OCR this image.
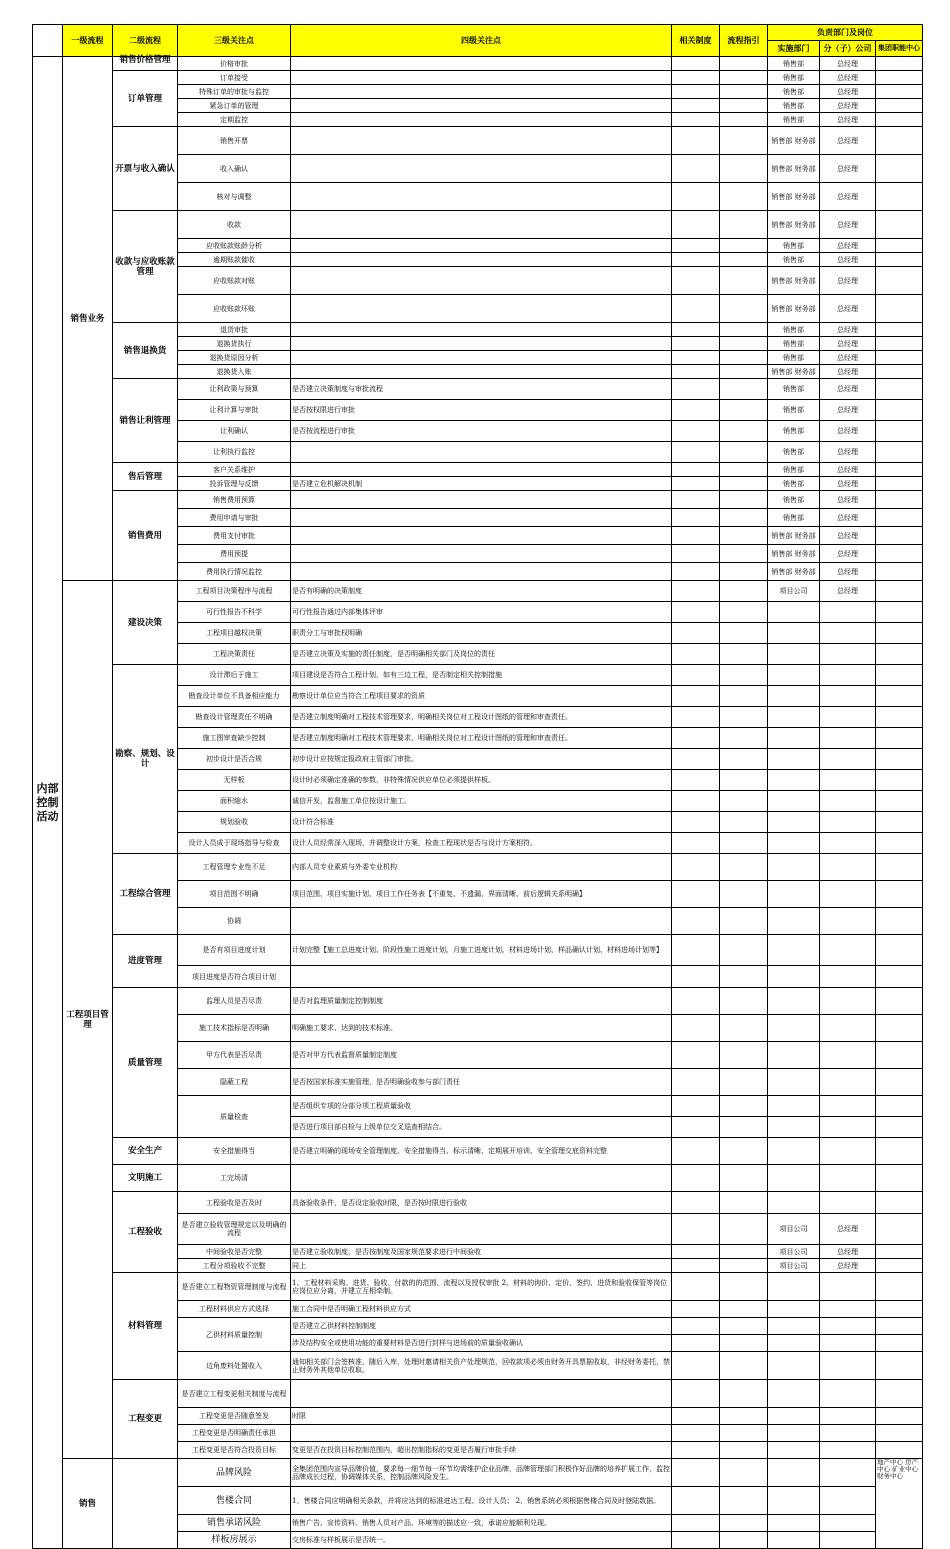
	一级流程	二级流程	三级关注点	四级关注点	相关制度	流程指引	负责部门及岗位		
							实施部门	分（子）公司	集团职能中心
内部控制活动	销售业务	销售价格管理	价格审批				销售部	总经理	
		订单管理	订单接受				销售部	总经理	
			特殊订单的审批与监控				销售部	总经理	
			紧急订单的管理				销售部	总经理	
			定期监控				销售部	总经理	
		开票与收入确认	销售开票				销售部 财务部	总经理	
			收入确认				销售部 财务部	总经理	
			核对与调整				销售部 财务部	总经理	
		收款与应收账款管理	收款				销售部 财务部	总经理	
			应收账款账龄分析				销售部	总经理	
			逾期账款催收				销售部	总经理	
			应收账款对账				销售部 财务部	总经理	
			应收账款坏账				销售部 财务部	总经理	
		销售退换货	退货审批				销售部	总经理	
			退换货执行				销售部	总经理	
			退换货原因分析				销售部	总经理	
			退换货入账				销售部 财务部	总经理	
		销售让利管理	让利政策与预算	是否建立决策制度与审批流程			销售部	总经理	
			让利计算与审批	是否按权限进行审批			销售部	总经理	
			让利确认	是否按流程进行审批			销售部	总经理	
			让利执行监控				销售部	总经理	
		售后管理	客户关系维护				销售部	总经理	
			投诉管理与反馈	是否建立危机解决机制			销售部	总经理	
		销售费用	销售费用预算				销售部	总经理	
			费用申请与审批				销售部	总经理	
			费用支付审批				销售部 财务部	总经理	
			费用预提				销售部 财务部	总经理	
			费用执行情况监控				销售部 财务部	总经理	
	工程项目管理	建设决策	工程项目决策程序与流程	是否有明确的决策制度			项目公司	总经理	
			可行性报告不科学	可行性报告通过内部集体评审					
			工程项目越权决策	职责分工与审批权明确					
			工程决策责任	是否建立决策及实施的责任制度，是否明确相关部门及岗位的责任					
		勘察、规划、设计	设计滞后于施工	项目建设是否符合工程计划，如有三边工程，是否制定相关控制措施					
			勘查设计单位不具备相应能力	勘察设计单位应当符合工程项目要求的资质					
			勘查设计管理责任不明确	是否建立制度明确对工程技术管理要求，明确相关岗位对工程设计图纸的管理和审查责任。					
			施工图审查缺少控制	是否建立制度明确对工程技术管理要求，明确相关岗位对工程设计图纸的管理和审查责任。					
			初步设计是否合规	初步设计应按规定报政府主管部门审批。					
			无样板	设计时必须确定准确的参数，非特殊情况供应单位必须提供样板。					
			面积缩水	诚信开发，监督施工单位按设计施工。					
			规划验收	设计符合标准					
			设计人员成于现场指导与检查	设计人员经常深入现场，并调整设计方案，检查工程现状是否与设计方案相符。					
		工程综合管理	工程管理专业性不足	内部人员专业素质与外委专业机构					
			项目范围不明确	项目范围、项目实施计划、项目工作任务表【不重复、不遗漏、界面清晰、前后逻辑关系明确】					
			协调						
		进度管理	是否有项目进度计划	计划完整【施工总进度计划、阶段性施工进度计划、月施工进度计划、材料进场计划、样品确认计划、材料进场计划等】					
			项目进度是否符合项目计划						
		质量管理	监理人员是否尽责	是否对监理质量制定控制制度					
			施工技术指标是否明确	明确施工要求、达到的技术标准。					
			甲方代表是否尽责	是否对甲方代表监督质量制定制度					
			隐蔽工程	是否按国家标准实施管理，是否明确验收参与部门责任					
			质量检查	是否组织专项的分部分项工程质量验收					
				是否进行项目部自检与上级单位交叉巡查相结合。					
		安全生产	安全措施得当	是否建立明确的现场安全管理制度、安全措施得当、标示清晰、定期展开培训、安全管理交底资料完整					
		文明施工	工完场清						
		工程验收	工程验收是否及时	具备验收条件，是否设定验收时限，是否按时限进行验收					
			是否建立验收管理规定以及明确的流程				项目公司	总经理	
			中间验收是否完整	是否建立验收制度，是否按制度及国家规范要求进行中间验收			项目公司	总经理	
			工程分项验收不完整	同上			项目公司	总经理	
		材料管理	是否建立工程物资管理制度与流程	1、工程材料采购、进货、验收、付款的的范围、流程以及授权审批 2、材料的询价、定价、签约、进货和验收保管等岗位应岗位应分离，并建立互相牵制。					
			工程材料供应方式选择	施工合同中是否明确工程材料供应方式					
			乙供材料质量控制	是否建立乙供材料控制制度					
				涉及结构安全或使用功能的重要材料是否进行封样与进场前的质量验收确认					
			边角废料处置收入	通知相关部门会签核准，随后入库，处理时邀请相关资产处理规范，回收款项必须由财务开具票据收取，非经财务委托，禁止财务外其他单位收取。					
		工程变更	是否建立工程变更相关制度与流程						
			工程变更是否随意签发	时限					
			工程变更是否明确责任承担						
			工程变更是否符合投资目标	变更是否在投资目标控制范围内，超出控制指标的变更是否履行审批手续					
	销售		品牌风险	全集团范围内宣导品牌价值，要求每一细节每一环节均需维护企业品牌，品牌管理部门积极作好品牌的培养扩展工作，监控品牌成长过程，协调媒体关系，控制品牌风险发生。					地产中心 房产中心 矿业中心 财务中心
			售楼合同	1、售楼合同应明确相关条款，并将应达到的标准进达工程、设计人员； 2、销售系统必须根据售楼合同及时登陆数据。					
			销售承诺风险	销售广告、宣传资料、销售人员对产品、环境等的描述应一致，承诺应能顺利兑现。					
			样板房展示	交房标准与样板展示是否统一。					
